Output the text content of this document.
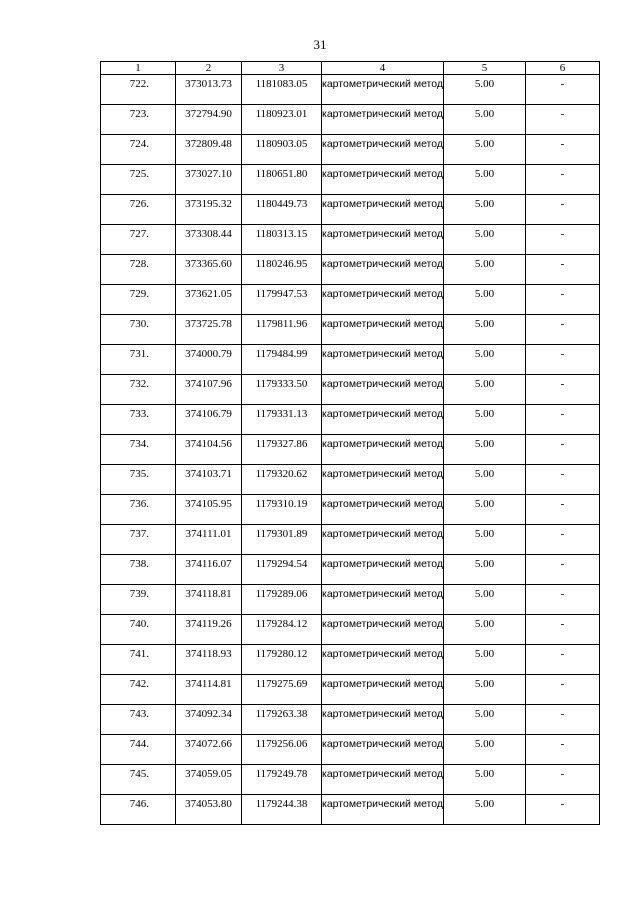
31
1	2	3	4	5	6
722.	373013.73	1181083.05	картометрический метод	5.00	-
723.	372794.90	1180923.01	картометрический метод	5.00	-
724.	372809.48	1180903.05	картометрический метод	5.00	-
725.	373027.10	1180651.80	картометрический метод	5.00	-
726.	373195.32	1180449.73	картометрический метод	5.00	-
727.	373308.44	1180313.15	картометрический метод	5.00	-
728.	373365.60	1180246.95	картометрический метод	5.00	-
729.	373621.05	1179947.53	картометрический метод	5.00	-
730.	373725.78	1179811.96	картометрический метод	5.00	-
731.	374000.79	1179484.99	картометрический метод	5.00	-
732.	374107.96	1179333.50	картометрический метод	5.00	-
733.	374106.79	1179331.13	картометрический метод	5.00	-
734.	374104.56	1179327.86	картометрический метод	5.00	-
735.	374103.71	1179320.62	картометрический метод	5.00	-
736.	374105.95	1179310.19	картометрический метод	5.00	-
737.	374111.01	1179301.89	картометрический метод	5.00	-
738.	374116.07	1179294.54	картометрический метод	5.00	-
739.	374118.81	1179289.06	картометрический метод	5.00	-
740.	374119.26	1179284.12	картометрический метод	5.00	-
741.	374118.93	1179280.12	картометрический метод	5.00	-
742.	374114.81	1179275.69	картометрический метод	5.00	-
743.	374092.34	1179263.38	картометрический метод	5.00	-
744.	374072.66	1179256.06	картометрический метод	5.00	-
745.	374059.05	1179249.78	картометрический метод	5.00	-
746.	374053.80	1179244.38	картометрический метод	5.00	-
